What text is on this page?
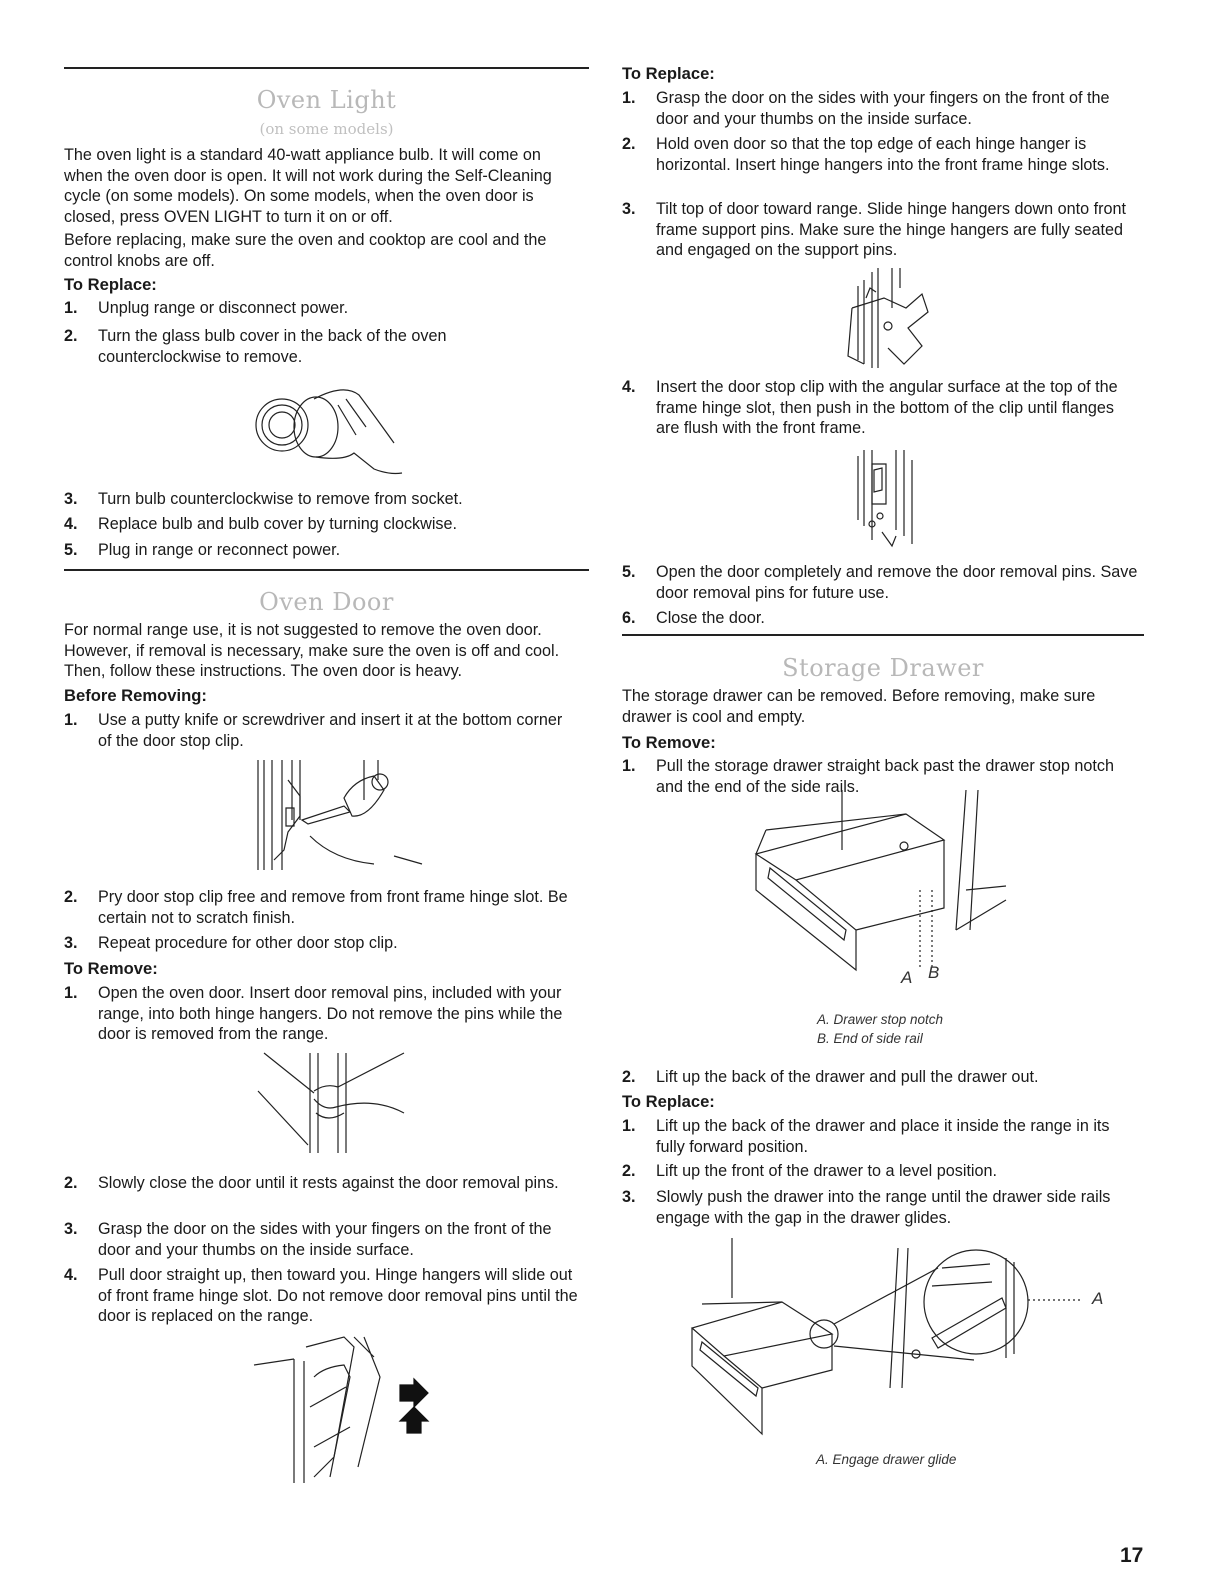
Oven Light
(on some models)
The oven light is a standard 40-watt appliance bulb. It will come on when the oven door is open. It will not work during the Self-Cleaning cycle (on some models). On some models, when the oven door is closed, press OVEN LIGHT to turn it on or off.
Before replacing, make sure the oven and cooktop are cool and the control knobs are off.
To Replace:
1. Unplug range or disconnect power.
2. Turn the glass bulb cover in the back of the oven counterclockwise to remove.
3. Turn bulb counterclockwise to remove from socket.
4. Replace bulb and bulb cover by turning clockwise.
5. Plug in range or reconnect power.
Oven Door
For normal range use, it is not suggested to remove the oven door. However, if removal is necessary, make sure the oven is off and cool. Then, follow these instructions. The oven door is heavy.
Before Removing:
1. Use a putty knife or screwdriver and insert it at the bottom corner of the door stop clip.
2. Pry door stop clip free and remove from front frame hinge slot. Be certain not to scratch finish.
3. Repeat procedure for other door stop clip.
To Remove:
1. Open the oven door. Insert door removal pins, included with your range, into both hinge hangers. Do not remove the pins while the door is removed from the range.
2. Slowly close the door until it rests against the door removal pins.
3. Grasp the door on the sides with your fingers on the front of the door and your thumbs on the inside surface.
4. Pull door straight up, then toward you. Hinge hangers will slide out of front frame hinge slot. Do not remove door removal pins until the door is replaced on the range.
To Replace:
1. Grasp the door on the sides with your fingers on the front of the door and your thumbs on the inside surface.
2. Hold oven door so that the top edge of each hinge hanger is horizontal. Insert hinge hangers into the front frame hinge slots.
3. Tilt top of door toward range. Slide hinge hangers down onto front frame support pins. Make sure the hinge hangers are fully seated and engaged on the support pins.
4. Insert the door stop clip with the angular surface at the top of the frame hinge slot, then push in the bottom of the clip until flanges are flush with the front frame.
5. Open the door completely and remove the door removal pins. Save door removal pins for future use.
6. Close the door.
Storage Drawer
The storage drawer can be removed. Before removing, make sure drawer is cool and empty.
To Remove:
1. Pull the storage drawer straight back past the drawer stop notch and the end of the side rails.
A B
A. Drawer stop notch
B. End of side rail
2. Lift up the back of the drawer and pull the drawer out.
To Replace:
1. Lift up the back of the drawer and place it inside the range in its fully forward position.
2. Lift up the front of the drawer to a level position.
3. Slowly push the drawer into the range until the drawer side rails engage with the gap in the drawer glides.
A
A. Engage drawer glide
17
